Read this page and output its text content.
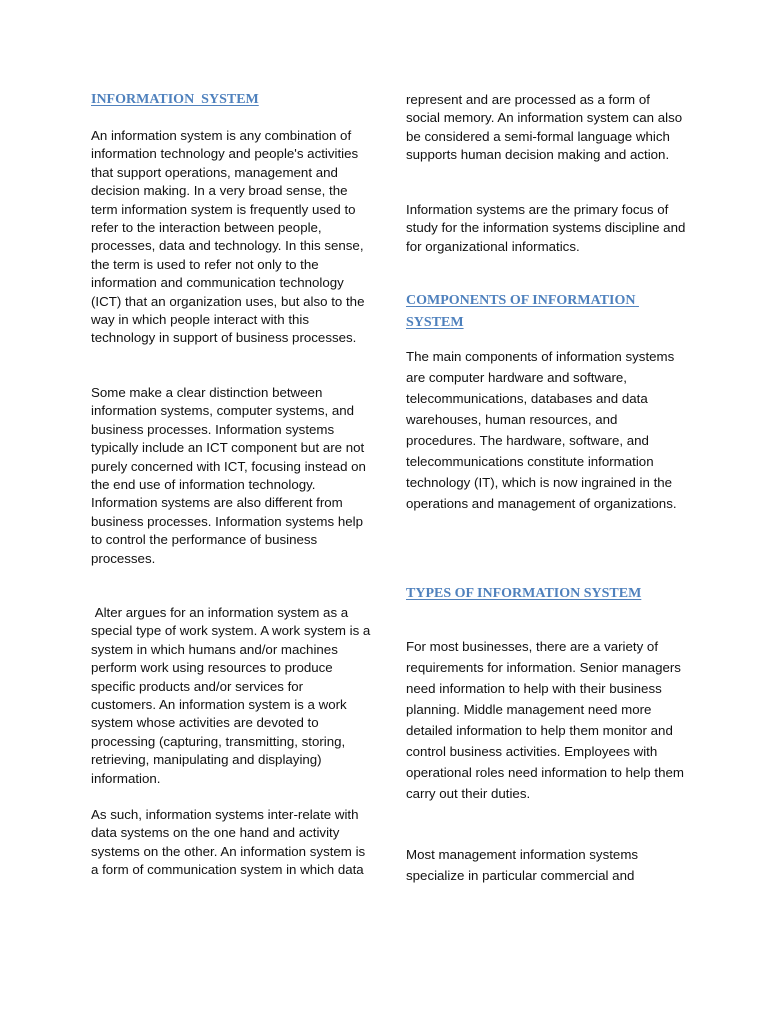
INFORMATION  SYSTEM

An information system is any combination of information technology and people's activities that support operations, management and decision making. In a very broad sense, the term information system is frequently used to refer to the interaction between people, processes, data and technology. In this sense, the term is used to refer not only to the information and communication technology (ICT) that an organization uses, but also to the way in which people interact with this technology in support of business processes.

Some make a clear distinction between information systems, computer systems, and business processes. Information systems typically include an ICT component but are not purely concerned with ICT, focusing instead on the end use of information technology. Information systems are also different from business processes. Information systems help to control the performance of business processes.

Alter argues for an information system as a special type of work system. A work system is a system in which humans and/or machines perform work using resources to produce specific products and/or services for customers. An information system is a work system whose activities are devoted to processing (capturing, transmitting, storing, retrieving, manipulating and displaying) information.

As such, information systems inter-relate with data systems on the one hand and activity systems on the other. An information system is a form of communication system in which data

represent and are processed as a form of social memory. An information system can also be considered a semi-formal language which supports human decision making and action.

Information systems are the primary focus of study for the information systems discipline and for organizational informatics.

COMPONENTS OF INFORMATION SYSTEM

The main components of information systems are computer hardware and software, telecommunications, databases and data warehouses, human resources, and procedures. The hardware, software, and telecommunications constitute information technology (IT), which is now ingrained in the operations and management of organizations.

TYPES OF INFORMATION SYSTEM

For most businesses, there are a variety of requirements for information. Senior managers need information to help with their business planning. Middle management need more detailed information to help them monitor and control business activities. Employees with operational roles need information to help them carry out their duties.

Most management information systems specialize in particular commercial and
